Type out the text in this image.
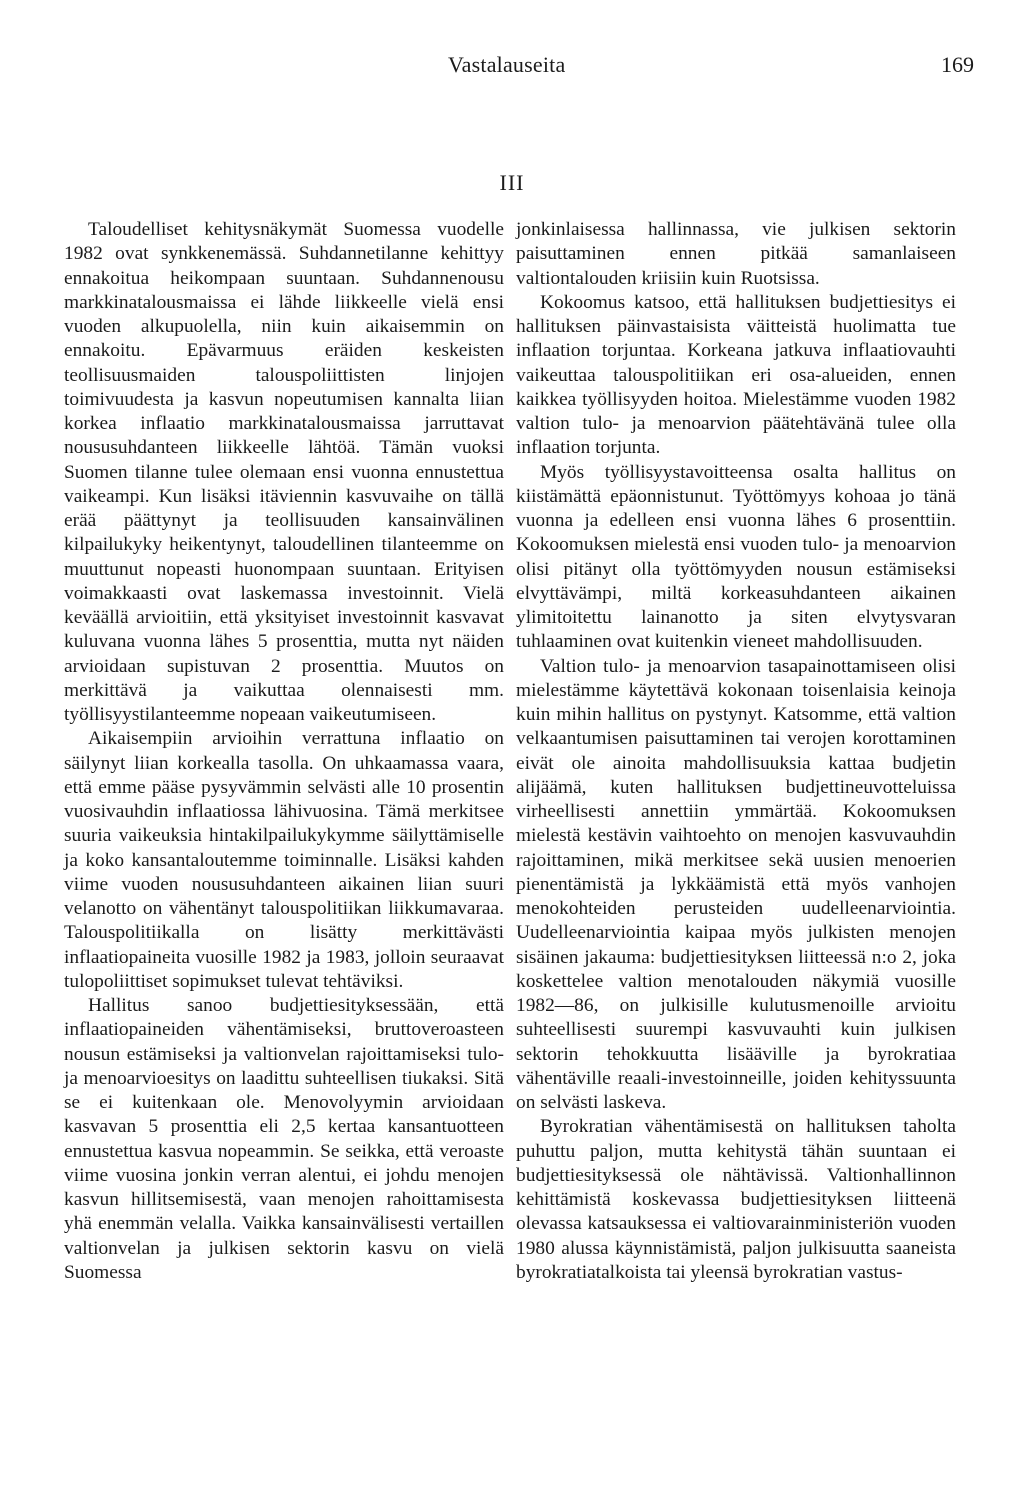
Vastalauseita	169
III

Taloudelliset kehitysnäkymät Suomessa vuodelle 1982 ovat synkkenemässä. Suhdannetilanne kehittyy ennakoitua heikompaan suuntaan. Suhdannenousu markkinatalousmaissa ei lähde liikkeelle vielä ensi vuoden alkupuolella, niin kuin aikaisemmin on ennakoitu. Epävarmuus eräiden keskeisten teollisuusmaiden talouspoliittisten linjojen toimivuudesta ja kasvun nopeutumisen kannalta liian korkea inflaatio markkinatalousmaissa jarruttavat noususuhdanteen liikkeelle lähtöä. Tämän vuoksi Suomen tilanne tulee olemaan ensi vuonna ennustettua vaikeampi. Kun lisäksi itäviennin kasvuvaihe on tällä erää päättynyt ja teollisuuden kansainvälinen kilpailukyky heikentynyt, taloudellinen tilanteemme on muuttunut nopeasti huonompaan suuntaan. Erityisen voimakkaasti ovat laskemassa investoinnit. Vielä keväällä arvioitiin, että yksityiset investoinnit kasvavat kuluvana vuonna lähes 5 prosenttia, mutta nyt näiden arvioidaan supistuvan 2 prosenttia. Muutos on merkittävä ja vaikuttaa olennaisesti mm. työllisyystilanteemme nopeaan vaikeutumiseen.

Aikaisempiin arvioihin verrattuna inflaatio on säilynyt liian korkealla tasolla. On uhkaamassa vaara, että emme pääse pysyvämmin selvästi alle 10 prosentin vuosivauhdin inflaatiossa lähivuosina. Tämä merkitsee suuria vaikeuksia hintakilpailukykymme säilyttämiselle ja koko kansantaloutemme toiminnalle. Lisäksi kahden viime vuoden noususuhdanteen aikainen liian suuri velanotto on vähentänyt talouspolitiikan liikkumavaraa. Talouspolitiikalla on lisätty merkittävästi inflaatiopaineita vuosille 1982 ja 1983, jolloin seuraavat tulopoliittiset sopimukset tulevat tehtäviksi.

Hallitus sanoo budjettiesityksessään, että inflaatiopaineiden vähentämiseksi, bruttoveroasteen nousun estämiseksi ja valtionvelan rajoittamiseksi tulo- ja menoarvioesitys on laadittu suhteellisen tiukaksi. Sitä se ei kuitenkaan ole. Menovolyymin arvioidaan kasvavan 5 prosenttia eli 2,5 kertaa kansantuotteen ennustettua kasvua nopeammin. Se seikka, että veroaste viime vuosina jonkin verran alentui, ei johdu menojen kasvun hillitsemisestä, vaan menojen rahoittamisesta yhä enemmän velalla. Vaikka kansainvälisesti vertaillen valtionvelan ja julkisen sektorin kasvu on vielä Suomessa

jonkinlaisessa hallinnassa, vie julkisen sektorin paisuttaminen ennen pitkää samanlaiseen valtiontalouden kriisiin kuin Ruotsissa.

Kokoomus katsoo, että hallituksen budjettiesitys ei hallituksen päinvastaisista väitteistä huolimatta tue inflaation torjuntaa. Korkeana jatkuva inflaatiovauhti vaikeuttaa talouspolitiikan eri osa-alueiden, ennen kaikkea työllisyyden hoitoa. Mielestämme vuoden 1982 valtion tulo- ja menoarvion päätehtävänä tulee olla inflaation torjunta.

Myös työllisyystavoitteensa osalta hallitus on kiistämättä epäonnistunut. Työttömyys kohoaa jo tänä vuonna ja edelleen ensi vuonna lähes 6 prosenttiin. Kokoomuksen mielestä ensi vuoden tulo- ja menoarvion olisi pitänyt olla työttömyyden nousun estämiseksi elvyttävämpi, miltä korkeasuhdanteen aikainen ylimitoitettu lainanotto ja siten elvytysvaran tuhlaaminen ovat kuitenkin vieneet mahdollisuuden.

Valtion tulo- ja menoarvion tasapainottamiseen olisi mielestämme käytettävä kokonaan toisenlaisia keinoja kuin mihin hallitus on pystynyt. Katsomme, että valtion velkaantumisen paisuttaminen tai verojen korottaminen eivät ole ainoita mahdollisuuksia kattaa budjetin alijäämä, kuten hallituksen budjettineuvotteluissa virheellisesti annettiin ymmärtää. Kokoomuksen mielestä kestävin vaihtoehto on menojen kasvuvauhdin rajoittaminen, mikä merkitsee sekä uusien menoerien pienentämistä ja lykkäämistä että myös vanhojen menokohteiden perusteiden uudelleenarviointia. Uudelleenarviointia kaipaa myös julkisten menojen sisäinen jakauma: budjettiesityksen liitteessä n:o 2, joka koskettelee valtion menotalouden näkymiä vuosille 1982—86, on julkisille kulutusmenoille arvioitu suhteellisesti suurempi kasvuvauhti kuin julkisen sektorin tehokkuutta lisääville ja byrokratiaa vähentäville reaali-investoinneille, joiden kehityssuunta on selvästi laskeva.

Byrokratian vähentämisestä on hallituksen taholta puhuttu paljon, mutta kehitystä tähän suuntaan ei budjettiesityksessä ole nähtävissä. Valtionhallinnon kehittämistä koskevassa budjettiesityksen liitteenä olevassa katsauksessa ei valtiovarainministeriön vuoden 1980 alussa käynnistämistä, paljon julkisuutta saaneista byrokratiatalkoista tai yleensä byrokratian vastus-
